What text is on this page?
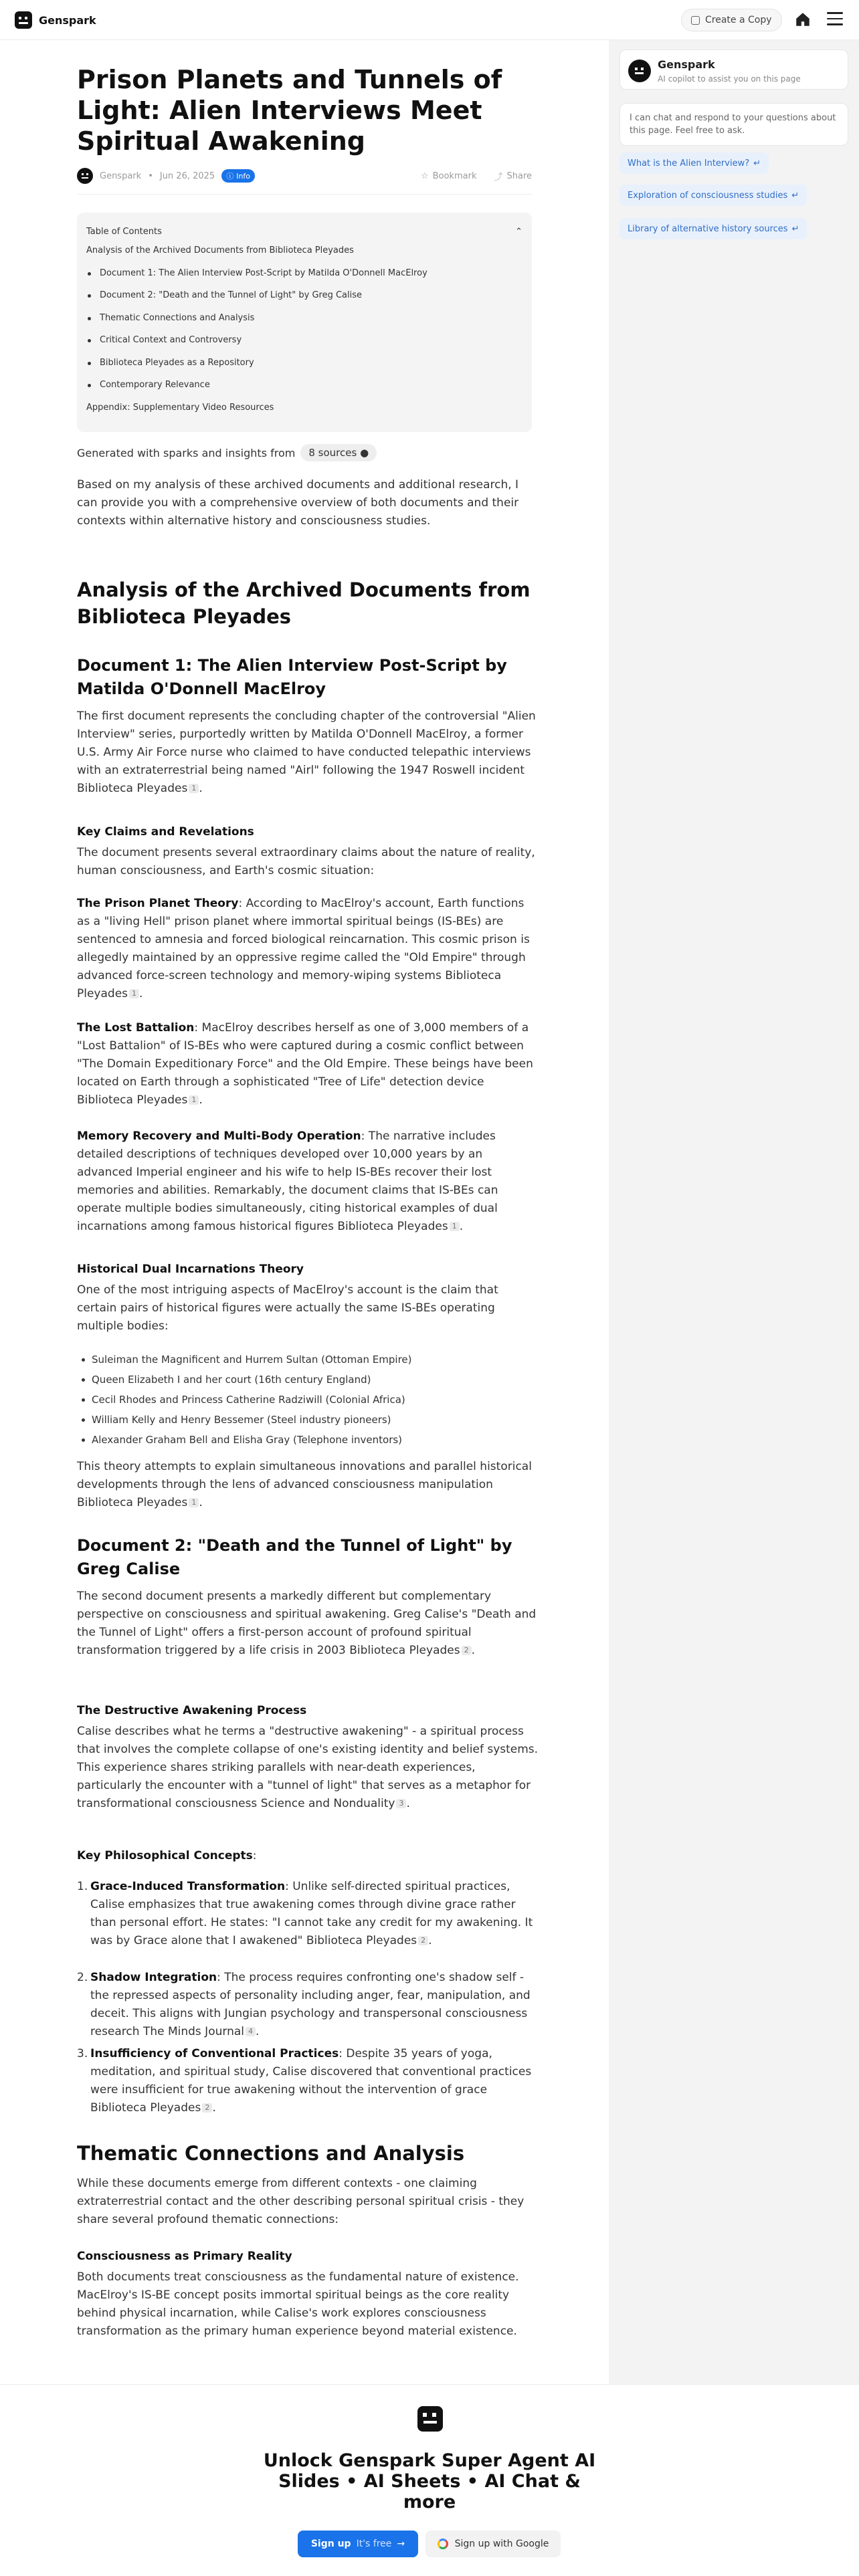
Genspark	Create a Copy
Genspark
AI copilot to assist you on this page
I can chat and respond to your questions about this page. Feel free to ask.
What is the Alien Interview? ↵
Exploration of consciousness studies ↵
Library of alternative history sources ↵
Prison Planets and Tunnels of Light: Alien Interviews Meet Spiritual Awakening
Genspark • Jun 26, 2025 ⓘ Info	☆ Bookmark ⤴ Share
Table of Contents	⌃
Analysis of the Archived Documents from Biblioteca Pleyades
Document 1: The Alien Interview Post-Script by Matilda O'Donnell MacElroy
Document 2: "Death and the Tunnel of Light" by Greg Calise
Thematic Connections and Analysis
Critical Context and Controversy
Biblioteca Pleyades as a Repository
Contemporary Relevance
Appendix: Supplementary Video Resources
Generated with sparks and insights from	8 sources ●
Based on my analysis of these archived documents and additional research, I can provide you with a comprehensive overview of both documents and their contexts within alternative history and consciousness studies.
Analysis of the Archived Documents from Biblioteca Pleyades
Document 1: The Alien Interview Post-Script by Matilda O'Donnell MacElroy
The first document represents the concluding chapter of the controversial "Alien Interview" series, purportedly written by Matilda O'Donnell MacElroy, a former U.S. Army Air Force nurse who claimed to have conducted telepathic interviews with an extraterrestrial being named "Airl" following the 1947 Roswell incident Biblioteca Pleyades 1 .
Key Claims and Revelations
The document presents several extraordinary claims about the nature of reality, human consciousness, and Earth's cosmic situation:
The Prison Planet Theory: According to MacElroy's account, Earth functions as a "living Hell" prison planet where immortal spiritual beings (IS-BEs) are sentenced to amnesia and forced biological reincarnation. This cosmic prison is allegedly maintained by an oppressive regime called the "Old Empire" through advanced force-screen technology and memory-wiping systems Biblioteca Pleyades 1 .
The Lost Battalion: MacElroy describes herself as one of 3,000 members of a "Lost Battalion" of IS-BEs who were captured during a cosmic conflict between "The Domain Expeditionary Force" and the Old Empire. These beings have been located on Earth through a sophisticated "Tree of Life" detection device Biblioteca Pleyades 1 .
Memory Recovery and Multi-Body Operation: The narrative includes detailed descriptions of techniques developed over 10,000 years by an advanced Imperial engineer and his wife to help IS-BEs recover their lost memories and abilities. Remarkably, the document claims that IS-BEs can operate multiple bodies simultaneously, citing historical examples of dual incarnations among famous historical figures Biblioteca Pleyades 1 .
Historical Dual Incarnations Theory
One of the most intriguing aspects of MacElroy's account is the claim that certain pairs of historical figures were actually the same IS-BEs operating multiple bodies:
Suleiman the Magnificent and Hurrem Sultan (Ottoman Empire)
Queen Elizabeth I and her court (16th century England)
Cecil Rhodes and Princess Catherine Radziwill (Colonial Africa)
William Kelly and Henry Bessemer (Steel industry pioneers)
Alexander Graham Bell and Elisha Gray (Telephone inventors)
This theory attempts to explain simultaneous innovations and parallel historical developments through the lens of advanced consciousness manipulation Biblioteca Pleyades 1 .
Document 2: "Death and the Tunnel of Light" by Greg Calise
The second document presents a markedly different but complementary perspective on consciousness and spiritual awakening. Greg Calise's "Death and the Tunnel of Light" offers a first-person account of profound spiritual transformation triggered by a life crisis in 2003 Biblioteca Pleyades 2 .
The Destructive Awakening Process
Calise describes what he terms a "destructive awakening" - a spiritual process that involves the complete collapse of one's existing identity and belief systems. This experience shares striking parallels with near-death experiences, particularly the encounter with a "tunnel of light" that serves as a metaphor for transformational consciousness Science and Nonduality 3 .
Key Philosophical Concepts:
1. Grace-Induced Transformation: Unlike self-directed spiritual practices, Calise emphasizes that true awakening comes through divine grace rather than personal effort. He states: "I cannot take any credit for my awakening. It was by Grace alone that I awakened" Biblioteca Pleyades 2 .
2. Shadow Integration: The process requires confronting one's shadow self - the repressed aspects of personality including anger, fear, manipulation, and deceit. This aligns with Jungian psychology and transpersonal consciousness research The Minds Journal 4 .
3. Insufficiency of Conventional Practices: Despite 35 years of yoga, meditation, and spiritual study, Calise discovered that conventional practices were insufficient for true awakening without the intervention of grace Biblioteca Pleyades 2 .
Thematic Connections and Analysis
While these documents emerge from different contexts - one claiming extraterrestrial contact and the other describing personal spiritual crisis - they share several profound thematic connections:
Consciousness as Primary Reality
Both documents treat consciousness as the fundamental nature of existence. MacElroy's IS-BE concept posits immortal spiritual beings as the core reality behind physical incarnation, while Calise's work explores consciousness transformation as the primary human experience beyond material existence.
Unlock Genspark Super Agent AI Slides • AI Sheets • AI Chat & more
Sign up It's free →	Sign up with Google
